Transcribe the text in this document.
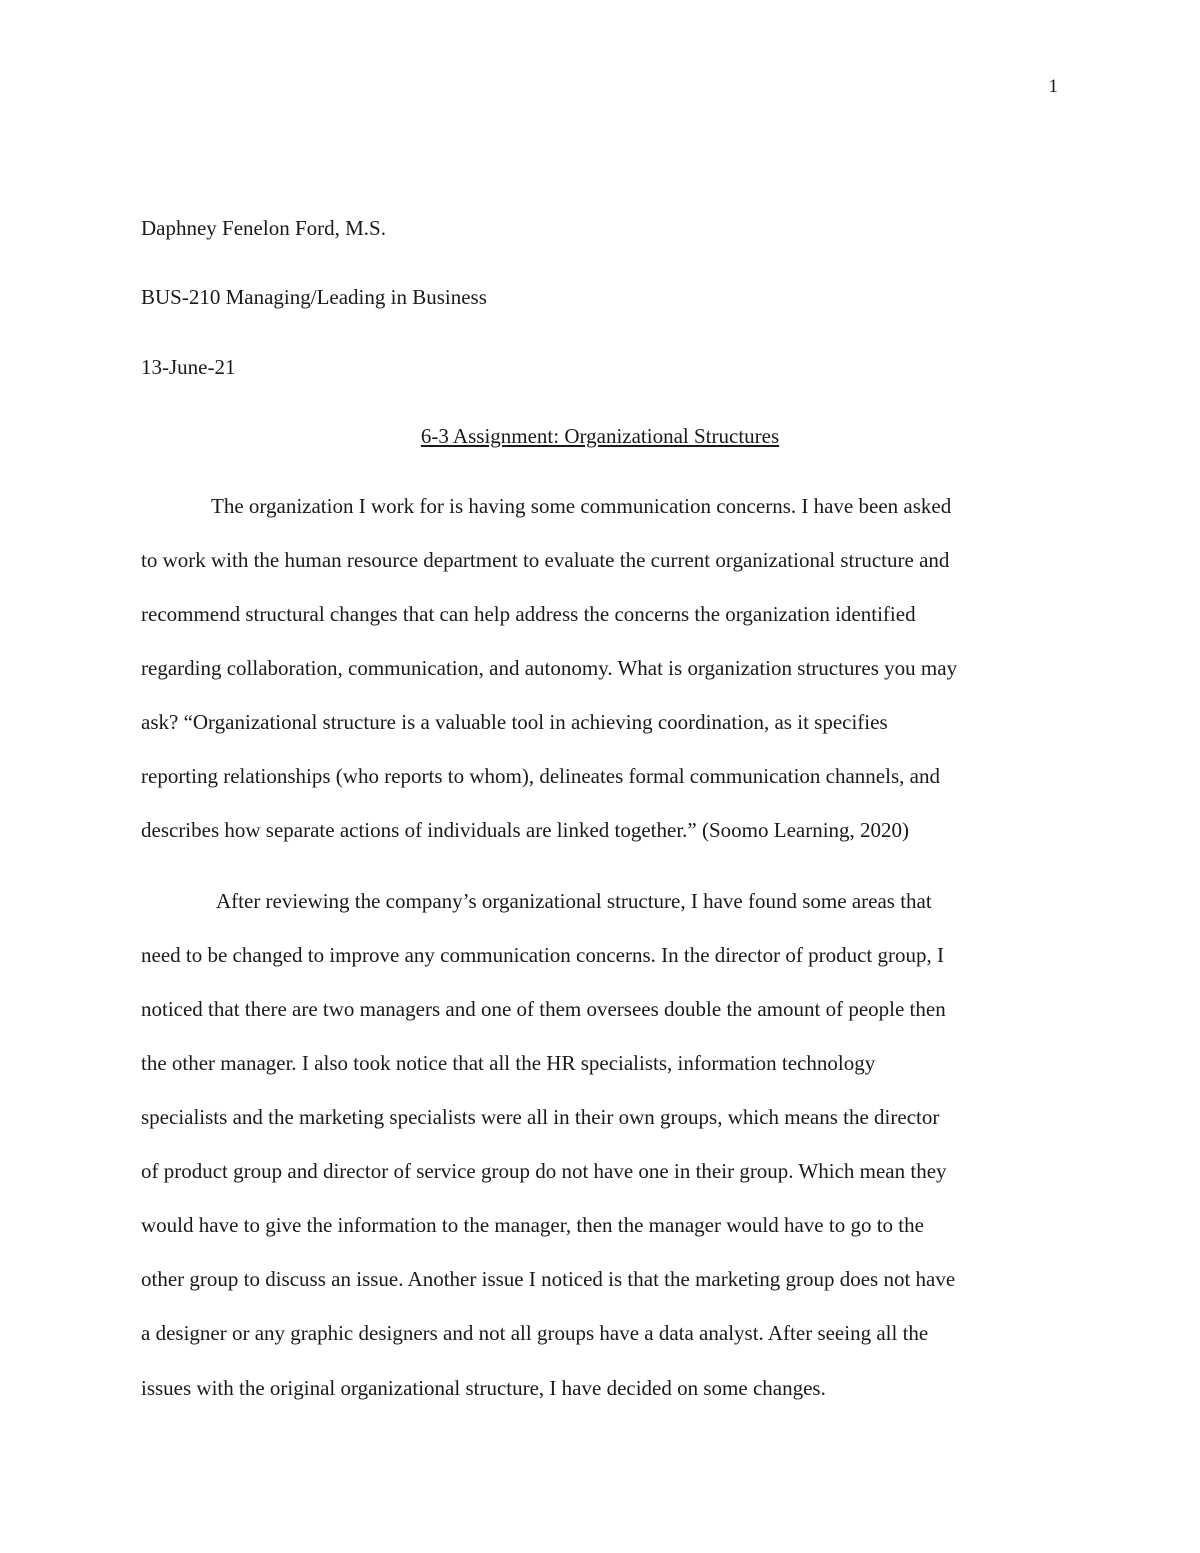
1
Daphney Fenelon Ford, M.S.
BUS-210 Managing/Leading in Business
13-June-21
6-3 Assignment: Organizational Structures
The organization I work for is having some communication concerns. I have been asked
to work with the human resource department to evaluate the current organizational structure and
recommend structural changes that can help address the concerns the organization identified
regarding collaboration, communication, and autonomy. What is organization structures you may
ask? “Organizational structure is a valuable tool in achieving coordination, as it specifies
reporting relationships (who reports to whom), delineates formal communication channels, and
describes how separate actions of individuals are linked together.” (Soomo Learning, 2020)
After reviewing the company’s organizational structure, I have found some areas that
need to be changed to improve any communication concerns. In the director of product group, I
noticed that there are two managers and one of them oversees double the amount of people then
the other manager. I also took notice that all the HR specialists, information technology
specialists and the marketing specialists were all in their own groups, which means the director
of product group and director of service group do not have one in their group. Which mean they
would have to give the information to the manager, then the manager would have to go to the
other group to discuss an issue. Another issue I noticed is that the marketing group does not have
a designer or any graphic designers and not all groups have a data analyst. After seeing all the
issues with the original organizational structure, I have decided on some changes.
